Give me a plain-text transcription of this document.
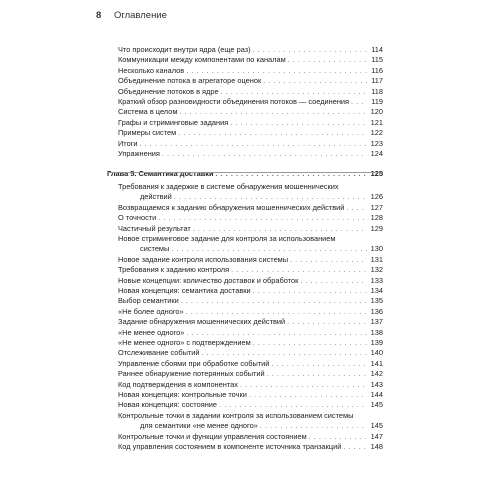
8 Оглавление
Что происходит внутри ядра (еще раз) . . .	114
Коммуникации между компонентами по каналам . . .	115
Несколько каналов . . .	116
Объединение потока в агрегаторе оценок . . .	117
Объединение потоков в ядре . . .	118
Краткий обзор разновидности объединения потоков — соединения . . .	119
Система в целом . . .	120
Графы и стриминговые задания . . .	121
Примеры систем . . .	122
Итоги . . .	123
Упражнения . . .	124
Глава 5. Семантика доставки . . .	125
Требования к задержке в системе обнаружения мошеннических
действий . . .	126
Возвращаемся к заданию обнаружения мошеннических действий . . .	127
О точности . . .	128
Частичный результат . . .	129
Новое стриминговое задание для контроля за использованием
системы . . .	130
Новое задание контроля использования системы . . .	131
Требования к заданию контроля . . .	132
Новые концепции: количество доставок и обработок . . .	133
Новая концепция: семантика доставки . . .	134
Выбор семантики . . .	135
«Не более одного» . . .	136
Задание обнаружения мошеннических действий . . .	137
«Не менее одного» . . .	138
«Не менее одного» с подтверждением . . .	139
Отслеживание событий . . .	140
Управление сбоями при обработке событий . . .	141
Раннее обнаружение потерянных событий . . .	142
Код подтверждения в компонентах . . .	143
Новая концепция: контрольные точки . . .	144
Новая концепция: состояние . . .	145
Контрольные точки в задании контроля за использованием системы
для семантики «не менее одного» . . .	145
Контрольные точки и функции управления состоянием . . .	147
Код управления состоянием в компоненте источника транзакций . . .	148
